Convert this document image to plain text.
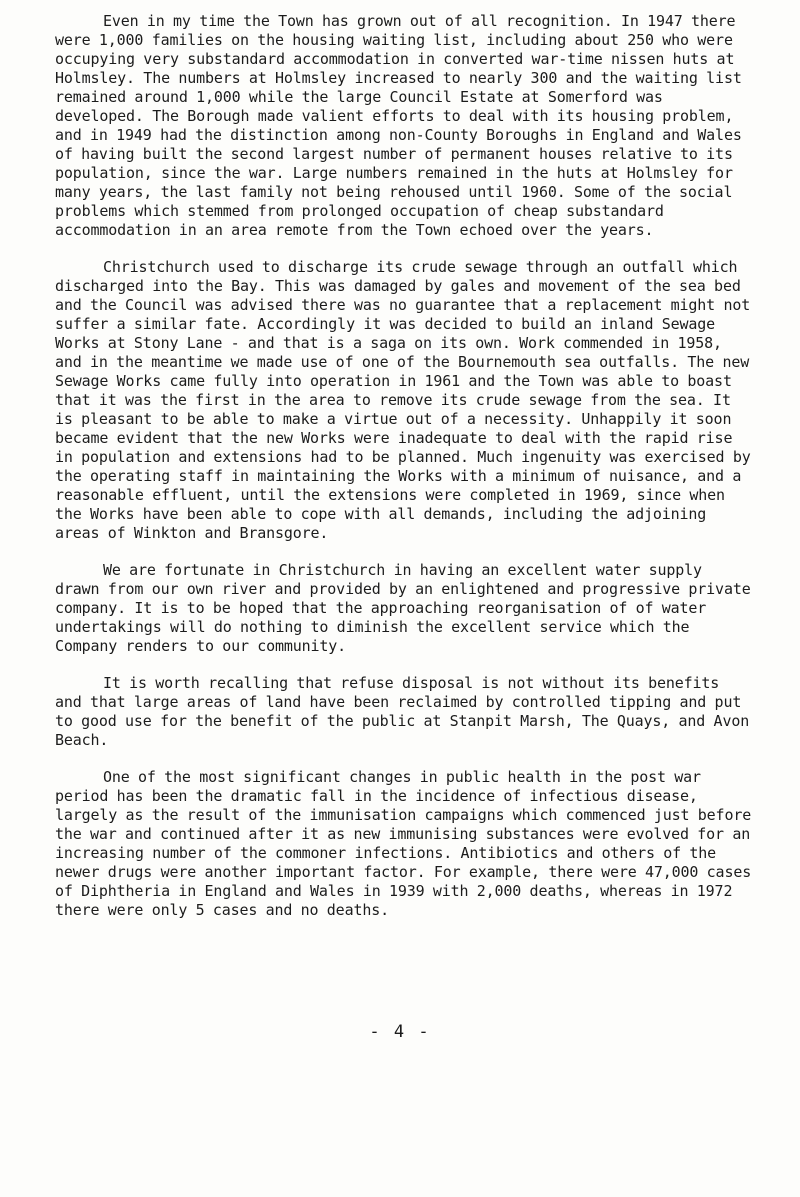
Even in my time the Town has grown out of all recognition. In 1947 there were 1,000 families on the housing waiting list, including about 250 who were occupying very substandard accommodation in converted war-time nissen huts at Holmsley. The numbers at Holmsley increased to nearly 300 and the waiting list remained around 1,000 while the large Council Estate at Somerford was developed. The Borough made valient efforts to deal with its housing problem, and in 1949 had the distinction among non-County Boroughs in England and Wales of having built the second largest number of permanent houses relative to its population, since the war. Large numbers remained in the huts at Holmsley for many years, the last family not being rehoused until 1960. Some of the social problems which stemmed from prolonged occupation of cheap substandard accommodation in an area remote from the Town echoed over the years.

Christchurch used to discharge its crude sewage through an outfall which discharged into the Bay. This was damaged by gales and movement of the sea bed and the Council was advised there was no guarantee that a replacement might not suffer a similar fate. Accordingly it was decided to build an inland Sewage Works at Stony Lane - and that is a saga on its own. Work commended in 1958, and in the meantime we made use of one of the Bournemouth sea outfalls. The new Sewage Works came fully into operation in 1961 and the Town was able to boast that it was the first in the area to remove its crude sewage from the sea. It is pleasant to be able to make a virtue out of a necessity. Unhappily it soon became evident that the new Works were inadequate to deal with the rapid rise in population and extensions had to be planned. Much ingenuity was exercised by the operating staff in maintaining the Works with a minimum of nuisance, and a reasonable effluent, until the extensions were completed in 1969, since when the Works have been able to cope with all demands, including the adjoining areas of Winkton and Bransgore.

We are fortunate in Christchurch in having an excellent water supply drawn from our own river and provided by an enlightened and progressive private company. It is to be hoped that the approaching reorganisation of of water undertakings will do nothing to diminish the excellent service which the Company renders to our community.

It is worth recalling that refuse disposal is not without its benefits and that large areas of land have been reclaimed by controlled tipping and put to good use for the benefit of the public at Stanpit Marsh, The Quays, and Avon Beach.

One of the most significant changes in public health in the post war period has been the dramatic fall in the incidence of infectious disease, largely as the result of the immunisation campaigns which commenced just before the war and continued after it as new immunising substances were evolved for an increasing number of the commoner infections. Antibiotics and others of the newer drugs were another important factor. For example, there were 47,000 cases of Diphtheria in England and Wales in 1939 with 2,000 deaths, whereas in 1972 there were only 5 cases and no deaths.

- 4 -
